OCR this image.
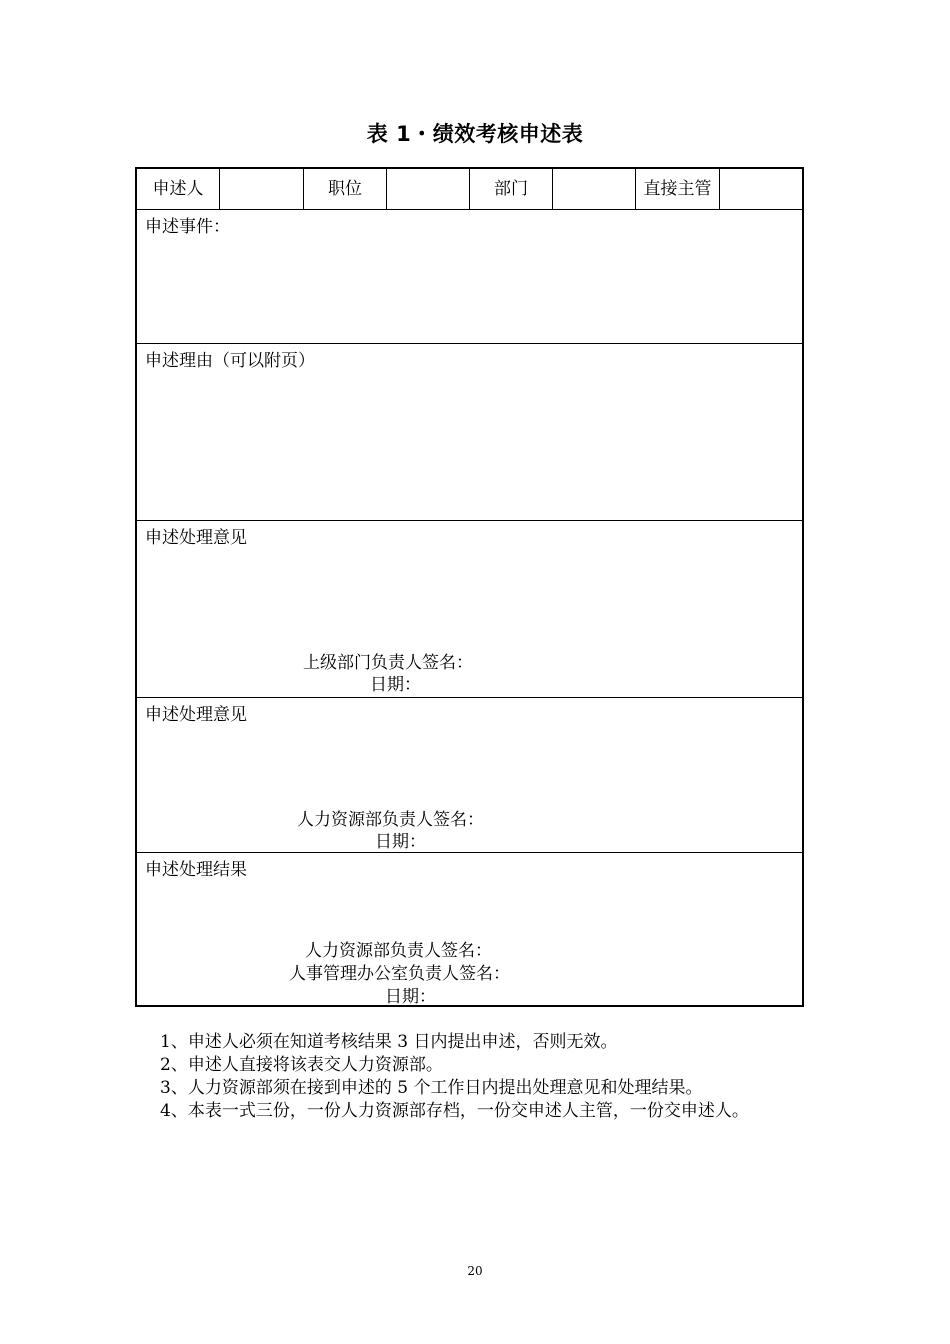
表 1・绩效考核申述表
申述人	职位	部门	直接主管
申述事件：
申述理由（可以附页）
申述处理意见
上级部门负责人签名：
日期：
申述处理意见
人力资源部负责人签名：
日期：
申述处理结果
人力资源部负责人签名：
人事管理办公室负责人签名：
日期：
1、申述人必须在知道考核结果 3 日内提出申述，否则无效。
2、申述人直接将该表交人力资源部。
3、人力资源部须在接到申述的 5 个工作日内提出处理意见和处理结果。
4、本表一式三份，一份人力资源部存档，一份交申述人主管，一份交申述人。
20
